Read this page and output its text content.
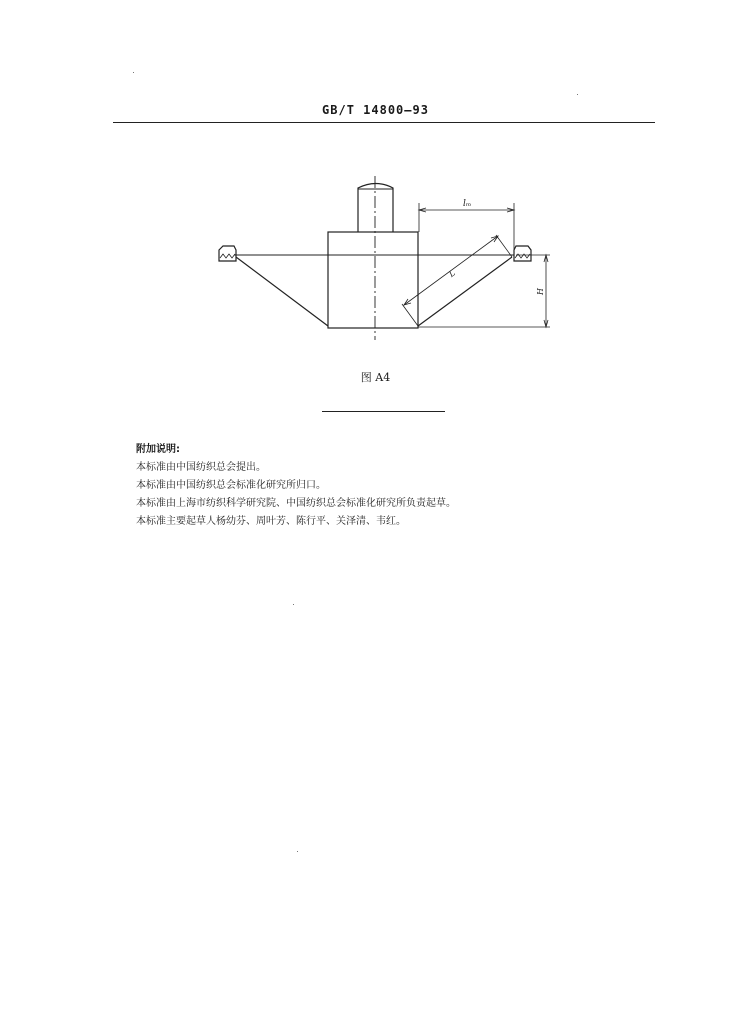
GB/T 14800—93
lₘ
L
H
图 A4

附加说明:

本标准由中国纺织总会提出。

本标准由中国纺织总会标准化研究所归口。

本标准由上海市纺织科学研究院、中国纺织总会标准化研究所负责起草。

本标准主要起草人杨幼芬、周叶芳、陈行平、关泽清、韦红。
